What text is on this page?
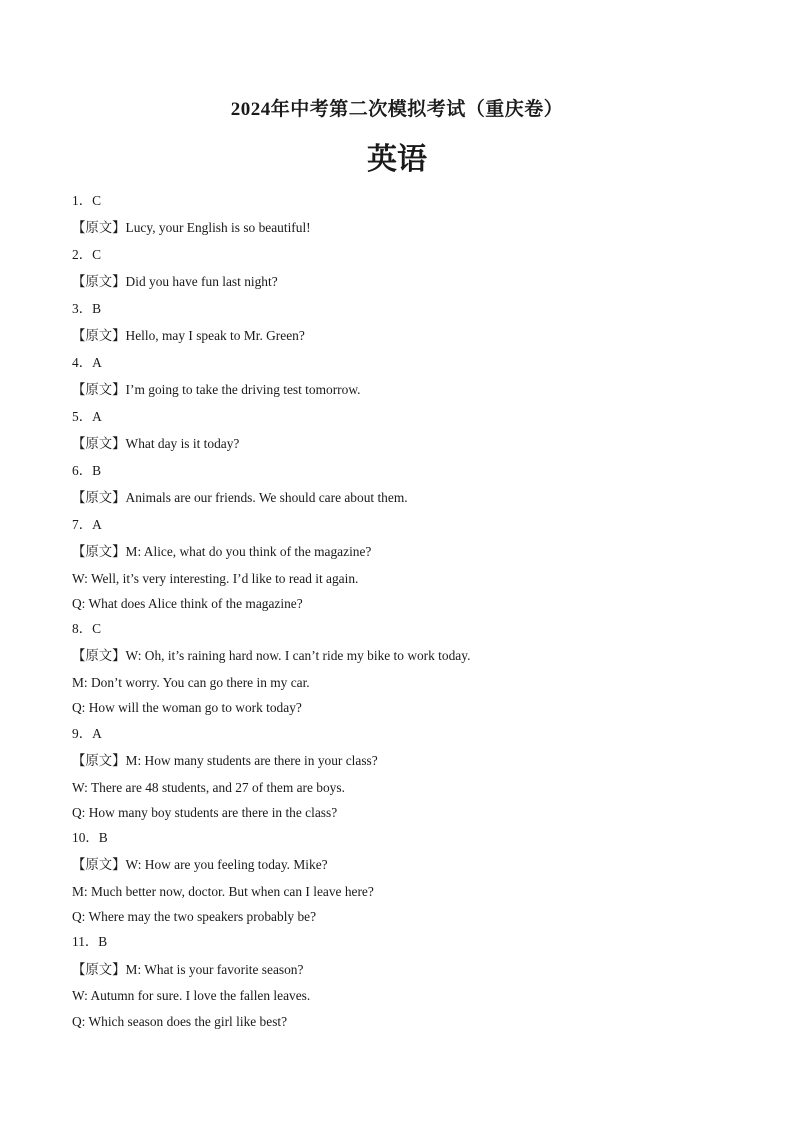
2024年中考第二次模拟考试（重庆卷）
英语
1．C
【原文】Lucy, your English is so beautiful!
2．C
【原文】Did you have fun last night?
3．B
【原文】Hello, may I speak to Mr. Green?
4．A
【原文】I’m going to take the driving test tomorrow.
5．A
【原文】What day is it today?
6．B
【原文】Animals are our friends. We should care about them.
7．A
【原文】M: Alice, what do you think of the magazine?
W: Well, it’s very interesting. I’d like to read it again.
Q: What does Alice think of the magazine?
8．C
【原文】W: Oh, it’s raining hard now. I can’t ride my bike to work today.
M: Don’t worry. You can go there in my car.
Q: How will the woman go to work today?
9．A
【原文】M: How many students are there in your class?
W: There are 48 students, and 27 of them are boys.
Q: How many boy students are there in the class?
10．B
【原文】W: How are you feeling today. Mike?
M: Much better now, doctor. But when can I leave here?
Q: Where may the two speakers probably be?
11．B
【原文】M: What is your favorite season?
W: Autumn for sure. I love the fallen leaves.
Q: Which season does the girl like best?
